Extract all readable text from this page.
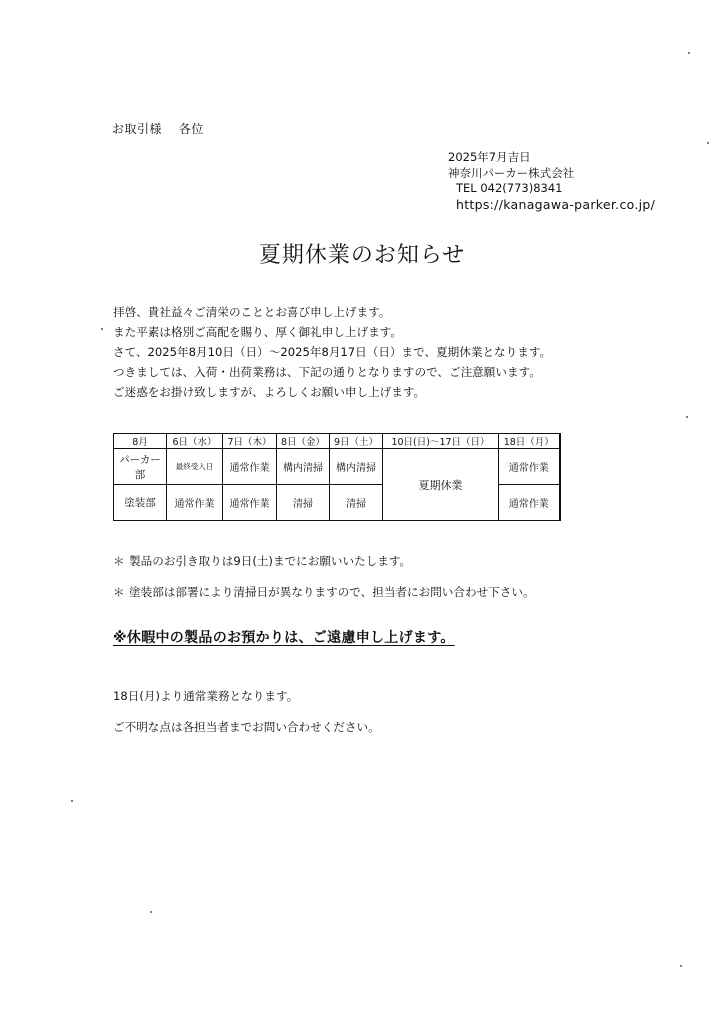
お取引様　 各位
2025年7月吉日
神奈川パーカー株式会社
TEL 042(773)8341
https://kanagawa-parker.co.jp/
夏期休業のお知らせ
拝啓、貴社益々ご清栄のこととお喜び申し上げます。
また平素は格別ご高配を賜り、厚く御礼申し上げます。
さて、2025年8月10日（日）～2025年8月17日（日）まで、夏期休業となります。
つきましては、入荷・出荷業務は、下記の通りとなりますので、ご注意願います。
ご迷惑をお掛け致しますが、よろしくお願い申し上げます。
8月	6日（水）	7日（木）	8日（金）	9日（土）	10日(日)～17日（日）	18日（月）
パーカー部	最終受入日	通常作業	構内清掃	構内清掃	夏期休業	通常作業
塗装部	通常作業	通常作業	清掃	清掃		通常作業
＊ 製品のお引き取りは9日(土)までにお願いいたします。
＊ 塗装部は部署により清掃日が異なりますので、担当者にお問い合わせ下さい。
※休暇中の製品のお預かりは、ご遠慮申し上げます。
18日(月)より通常業務となります。
ご不明な点は各担当者までお問い合わせください。
